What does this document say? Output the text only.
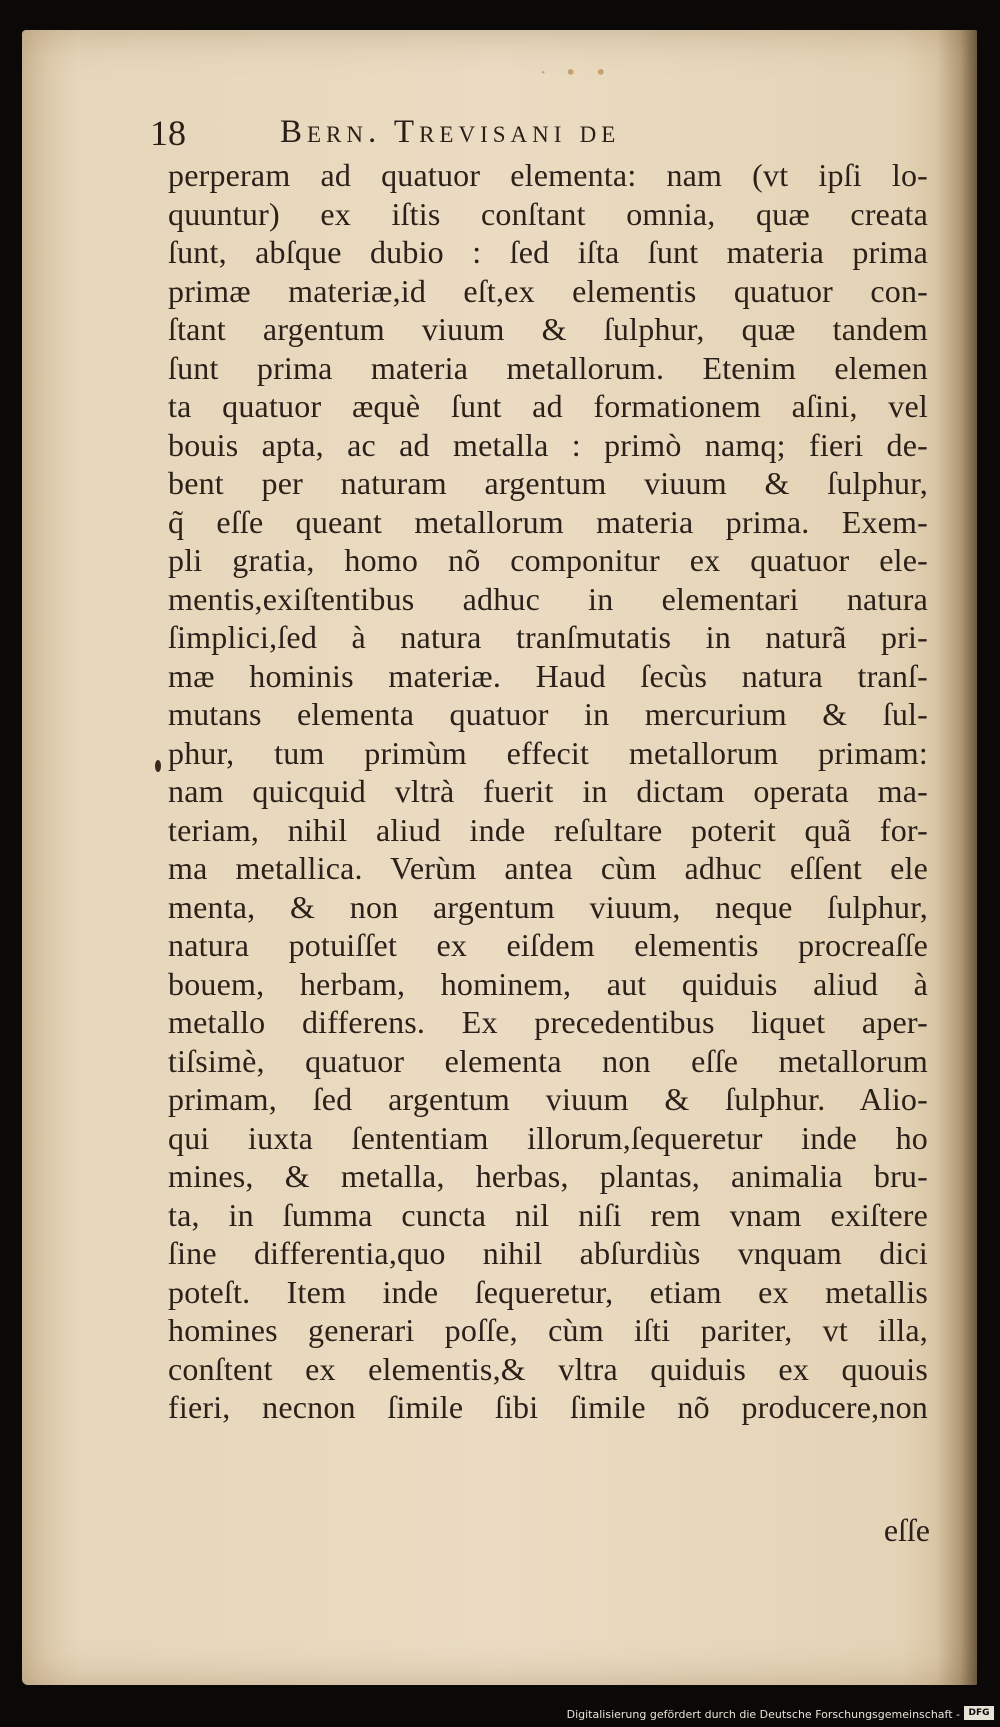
· • •
18	Bern. Trevisani de
perperam ad quatuor elementa: nam (vt ipſi lo-
quuntur) ex iſtis conſtant omnia, quæ creata
ſunt, abſque dubio : ſed iſta ſunt materia prima
primæ materiæ,id eſt,ex elementis quatuor con-
ſtant argentum viuum & ſulphur, quæ tandem
ſunt prima materia metallorum. Etenim elemen
ta quatuor æquè ſunt ad formationem aſini, vel
bouis apta, ac ad metalla : primò namq; fieri de-
bent per naturam argentum viuum & ſulphur,
q̃ eſſe queant metallorum materia prima. Exem-
pli gratia, homo nõ componitur ex quatuor ele-
mentis,exiſtentibus adhuc in elementari natura
ſimplici,ſed à natura tranſmutatis in naturã pri-
mæ hominis materiæ. Haud ſecùs natura tranſ-
mutans elementa quatuor in mercurium & ſul-
phur, tum primùm effecit metallorum primam:
nam quicquid vltrà fuerit in dictam operata ma-
teriam, nihil aliud inde reſultare poterit quã for-
ma metallica. Verùm antea cùm adhuc eſſent ele
menta, & non argentum viuum, neque ſulphur,
natura potuiſſet ex eiſdem elementis procreaſſe
bouem, herbam, hominem, aut quiduis aliud à
metallo differens. Ex precedentibus liquet aper-
tiſsimè, quatuor elementa non eſſe metallorum
primam, ſed argentum viuum & ſulphur. Alio-
qui iuxta ſententiam illorum,ſequeretur inde ho
mines, & metalla, herbas, plantas, animalia bru-
ta, in ſumma cuncta nil niſi rem vnam exiſtere
ſine differentia,quo nihil abſurdiùs vnquam dici
poteſt. Item inde ſequeretur, etiam ex metallis
homines generari poſſe, cùm iſti pariter, vt illa,
conſtent ex elementis,& vltra quiduis ex quouis
fieri, necnon ſimile ſibi ſimile nõ producere,non
eſſe
Digitalisierung gefördert durch die Deutsche Forschungsgemeinschaft - DFG
